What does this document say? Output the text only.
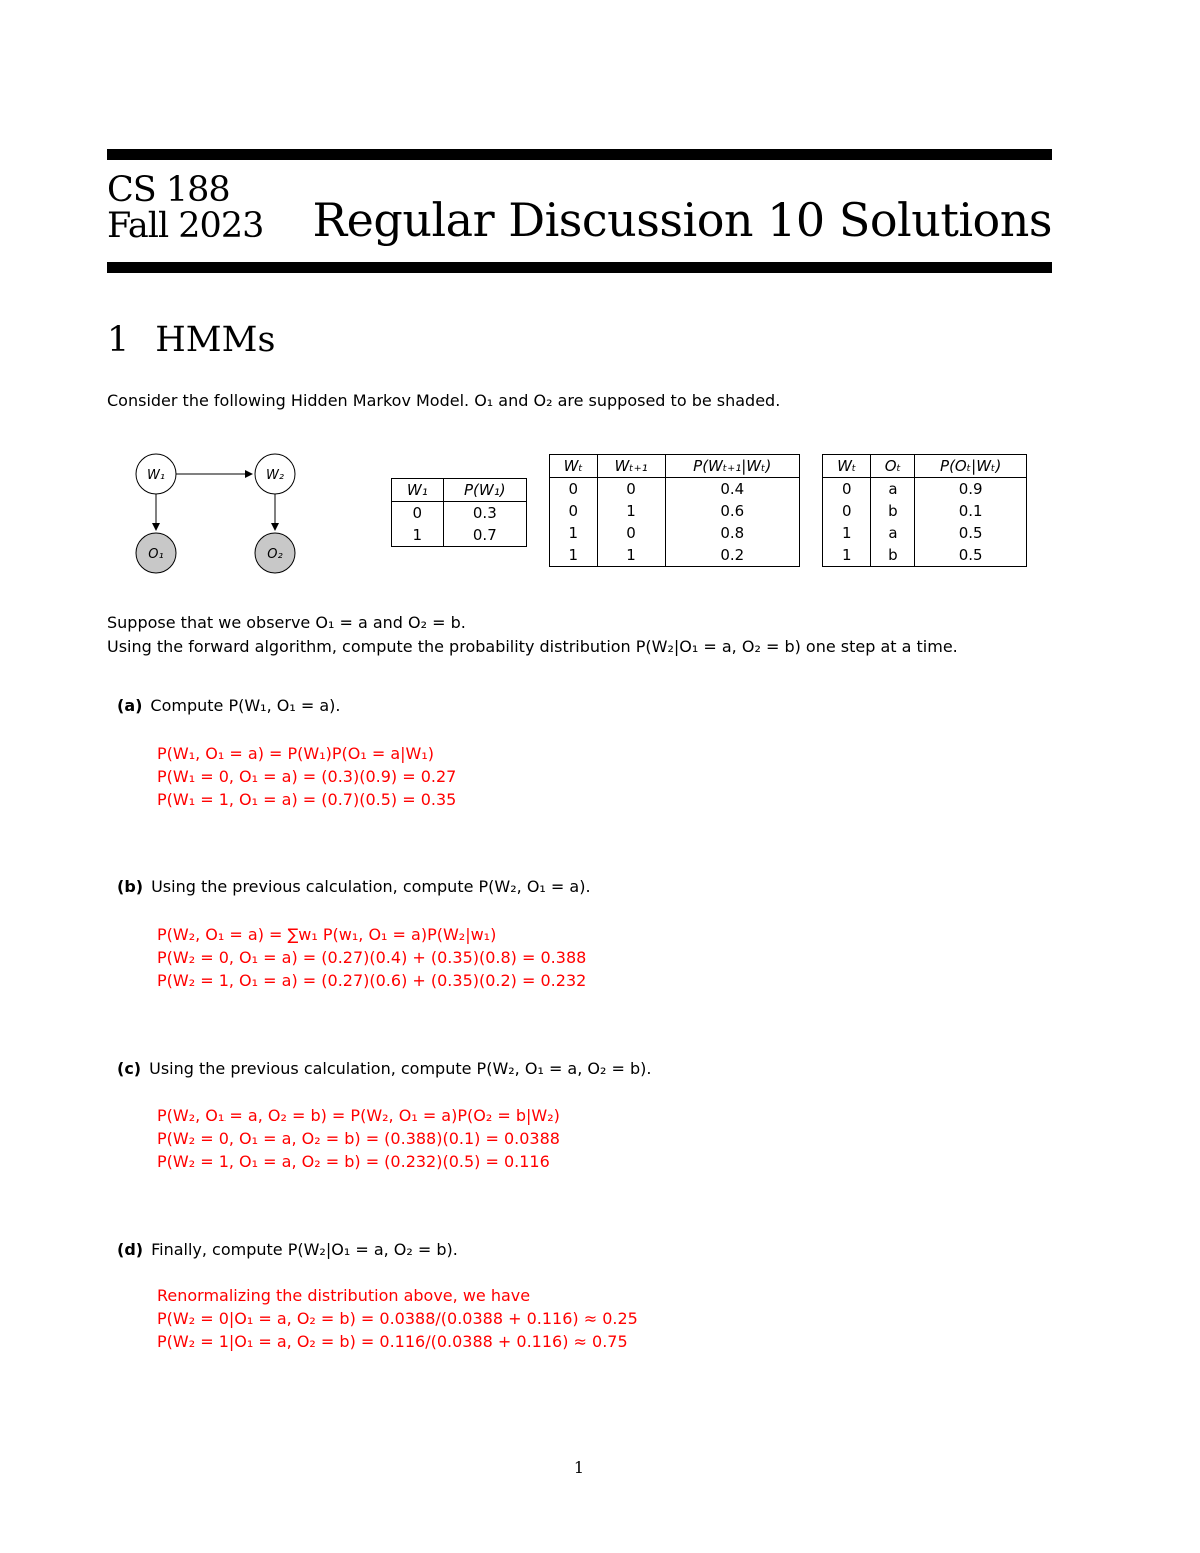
CS 188
Fall 2023 Regular Discussion 10 Solutions
1 HMMs
Consider the following Hidden Markov Model. O₁ and O₂ are supposed to be shaded.
W₁	W₂
O₁	O₂
W₁	P(W₁)
0	0.3
1	0.7
Wₜ	Wₜ₊₁	P(Wₜ₊₁|Wₜ)
0	0	0.4
0	1	0.6
1	0	0.8
1	1	0.2
Wₜ	Oₜ	P(Oₜ|Wₜ)
0	a	0.9
0	b	0.1
1	a	0.5
1	b	0.5
Suppose that we observe O₁ = a and O₂ = b.
Using the forward algorithm, compute the probability distribution P(W₂|O₁ = a, O₂ = b) one step at a time.
(a) Compute P(W₁, O₁ = a).
P(W₁, O₁ = a) = P(W₁)P(O₁ = a|W₁)
P(W₁ = 0, O₁ = a) = (0.3)(0.9) = 0.27
P(W₁ = 1, O₁ = a) = (0.7)(0.5) = 0.35
(b) Using the previous calculation, compute P(W₂, O₁ = a).
P(W₂, O₁ = a) = ∑w₁ P(w₁, O₁ = a)P(W₂|w₁)
P(W₂ = 0, O₁ = a) = (0.27)(0.4) + (0.35)(0.8) = 0.388
P(W₂ = 1, O₁ = a) = (0.27)(0.6) + (0.35)(0.2) = 0.232
(c) Using the previous calculation, compute P(W₂, O₁ = a, O₂ = b).
P(W₂, O₁ = a, O₂ = b) = P(W₂, O₁ = a)P(O₂ = b|W₂)
P(W₂ = 0, O₁ = a, O₂ = b) = (0.388)(0.1) = 0.0388
P(W₂ = 1, O₁ = a, O₂ = b) = (0.232)(0.5) = 0.116
(d) Finally, compute P(W₂|O₁ = a, O₂ = b).
Renormalizing the distribution above, we have
P(W₂ = 0|O₁ = a, O₂ = b) = 0.0388/(0.0388 + 0.116) ≈ 0.25
P(W₂ = 1|O₁ = a, O₂ = b) = 0.116/(0.0388 + 0.116) ≈ 0.75
1
